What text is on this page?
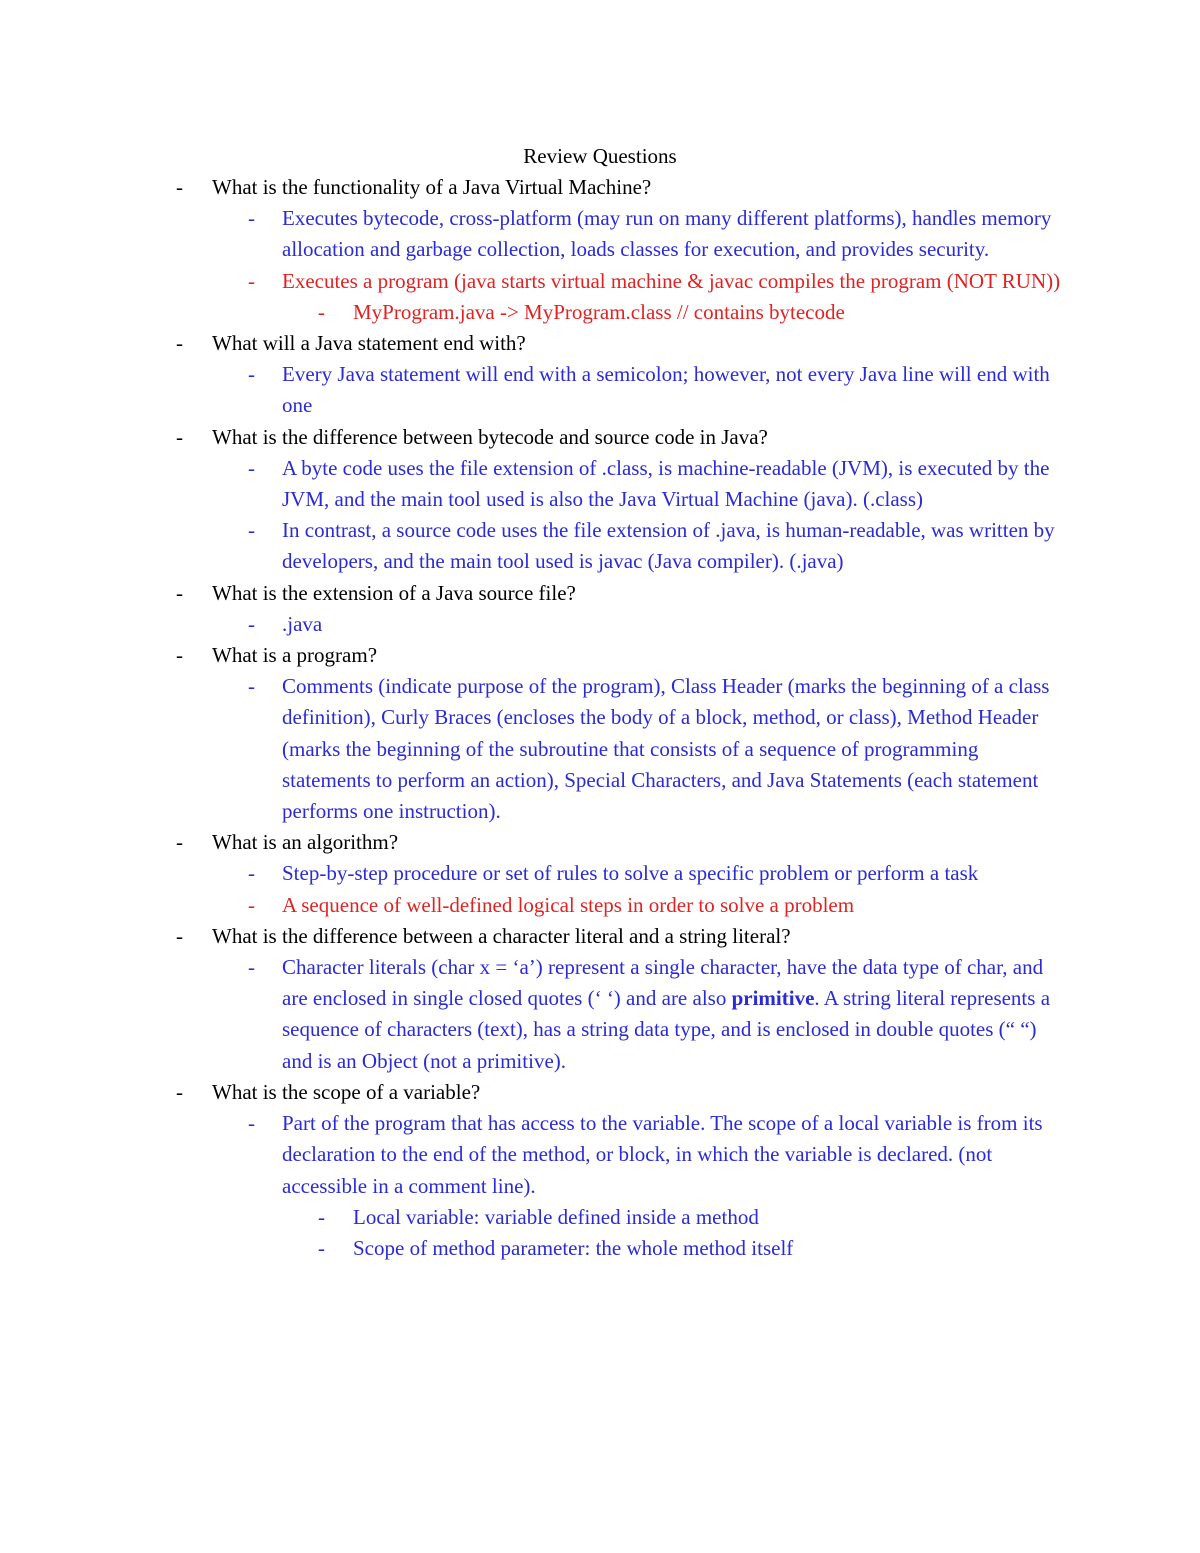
Review Questions
- What is the functionality of a Java Virtual Machine?
- Executes bytecode, cross-platform (may run on many different platforms), handles memory allocation and garbage collection, loads classes for execution, and provides security.
- Executes a program (java starts virtual machine & javac compiles the program (NOT RUN))
- MyProgram.java -> MyProgram.class // contains bytecode
- What will a Java statement end with?
- Every Java statement will end with a semicolon; however, not every Java line will end with one
- What is the difference between bytecode and source code in Java?
- A byte code uses the file extension of .class, is machine-readable (JVM), is executed by the JVM, and the main tool used is also the Java Virtual Machine (java). (.class)
- In contrast, a source code uses the file extension of .java, is human-readable, was written by developers, and the main tool used is javac (Java compiler). (.java)
- What is the extension of a Java source file?
- .java
- What is a program?
- Comments (indicate purpose of the program), Class Header (marks the beginning of a class definition), Curly Braces (encloses the body of a block, method, or class), Method Header (marks the beginning of the subroutine that consists of a sequence of programming statements to perform an action), Special Characters, and Java Statements (each statement performs one instruction).
- What is an algorithm?
- Step-by-step procedure or set of rules to solve a specific problem or perform a task
- A sequence of well-defined logical steps in order to solve a problem
- What is the difference between a character literal and a string literal?
- Character literals (char x = ‘a’) represent a single character, have the data type of char, and are enclosed in single closed quotes (‘ ‘) and are also primitive. A string literal represents a sequence of characters (text), has a string data type, and is enclosed in double quotes (“ “) and is an Object (not a primitive).
- What is the scope of a variable?
- Part of the program that has access to the variable. The scope of a local variable is from its declaration to the end of the method, or block, in which the variable is declared. (not accessible in a comment line).
- Local variable: variable defined inside a method
- Scope of method parameter: the whole method itself
